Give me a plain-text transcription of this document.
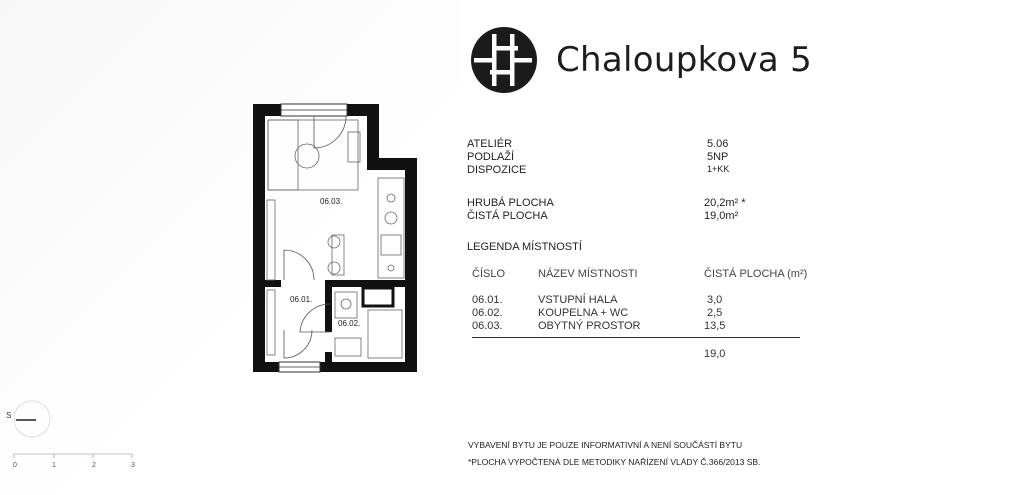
Chaloupkova 5
06.03.
06.01.
06.02.
ATELIÉR	5.06
PODLAŽÍ	5NP
DISPOZICE	1+KK
HRUBÁ PLOCHA	20,2m² *
ČISTÁ PLOCHA	19,0m²
LEGENDA MÍSTNOSTÍ
ČÍSLO	NÁZEV MÍSTNOSTI	ČISTÁ PLOCHA (m²)
06.01.	VSTUPNÍ HALA	3,0
06.02.	KOUPELNA + WC	2,5
06.03.	OBYTNÝ PROSTOR	13,5
19,0
VYBAVENÍ BYTU JE POUZE INFORMATIVNÍ A NENÍ SOUČÁSTÍ BYTU
*PLOCHA VYPOČTENÁ DLE METODIKY NAŘÍZENÍ VLÁDY Č.366/2013 SB.
S
0	1	2	3
